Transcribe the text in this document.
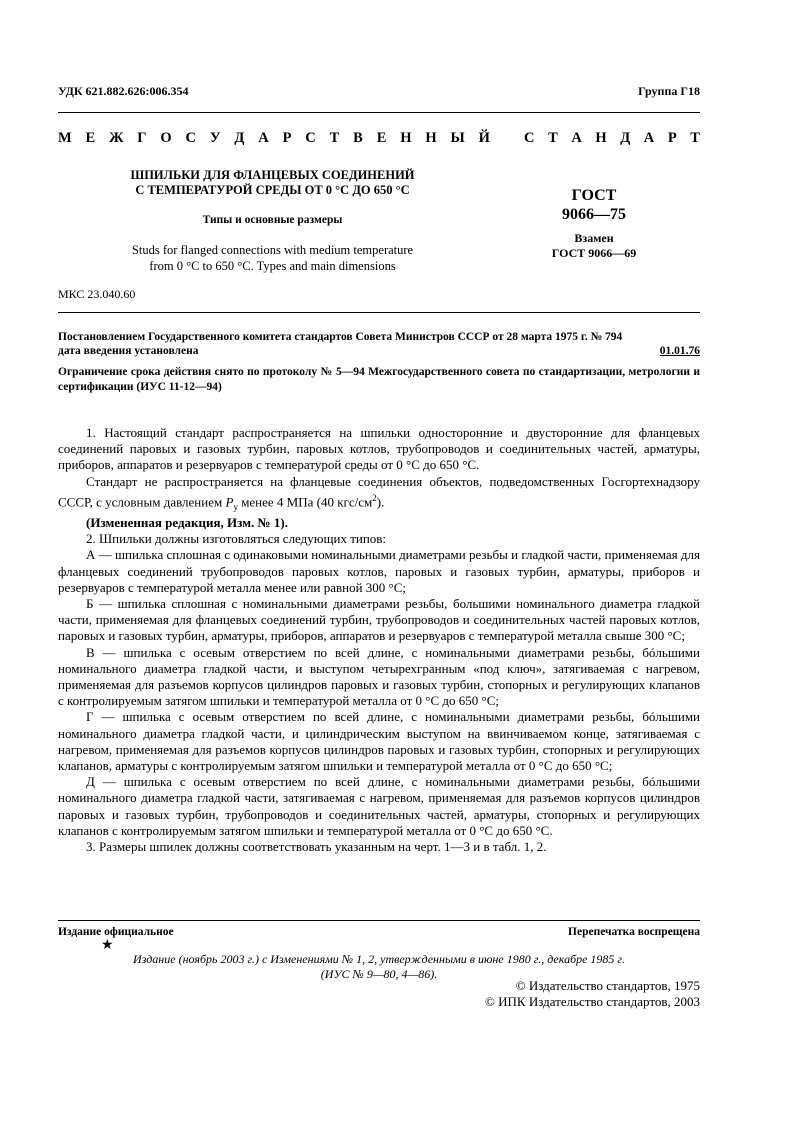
УДК 621.882.626:006.354	Группа Г18
М Е Ж Г О С У Д А Р С Т В Е Н Н Ы Й С Т А Н Д А Р Т
ШПИЛЬКИ ДЛЯ ФЛАНЦЕВЫХ СОЕДИНЕНИЙ
С ТЕМПЕРАТУРОЙ СРЕДЫ ОТ 0 °С ДО 650 °С
Типы и основные размеры
Studs for flanged connections with medium temperature
from 0 °C to 650 °C. Types and main dimensions
ГОСТ
9066—75
Взамен
ГОСТ 9066—69
МКС 23.040.60
Постановлением Государственного комитета стандартов Совета Министров СССР от 28 марта 1975 г. № 794
дата введения установлена	01.01.76
Ограничение срока действия снято по протоколу № 5—94 Межгосударственного совета по стандартизации, метрологии и сертификации (ИУС 11-12—94)

1. Настоящий стандарт распространяется на шпильки односторонние и двусторонние для фланцевых соединений паровых и газовых турбин, паровых котлов, трубопроводов и соединительных частей, арматуры, приборов, аппаратов и резервуаров с температурой среды от 0 °С до 650 °С.

Стандарт не распространяется на фланцевые соединения объектов, подведомственных Госгортехнадзору СССР, с условным давлением $P_у$ менее 4 МПа (40 кгс/$см^2$).

(Измененная редакция, Изм. № 1).

2. Шпильки должны изготовляться следующих типов:

А — шпилька сплошная с одинаковыми номинальными диаметрами резьбы и гладкой части, применяемая для фланцевых соединений трубопроводов паровых котлов, паровых и газовых турбин, арматуры, приборов и резервуаров с температурой металла менее или равной 300 °С;

Б — шпилька сплошная с номинальными диаметрами резьбы, большими номинального диаметра гладкой части, применяемая для фланцевых соединений турбин, трубопроводов и соединительных частей паровых котлов, паровых и газовых турбин, арматуры, приборов, аппаратов и резервуаров с температурой металла свыше 300 °С;

В — шпилька с осевым отверстием по всей длине, с номинальными диаметрами резьбы, бóльшими номинального диаметра гладкой части, и выступом четырехгранным «под ключ», затягиваемая с нагревом, применяемая для разъемов корпусов цилиндров паровых и газовых турбин, стопорных и регулирующих клапанов с контролируемым затягом шпильки и температурой металла от 0 °С до 650 °С;

Г — шпилька с осевым отверстием по всей длине, с номинальными диаметрами резьбы, бóльшими номинального диаметра гладкой части, и цилиндрическим выступом на ввинчиваемом конце, затягиваемая с нагревом, применяемая для разъемов корпусов цилиндров паровых и газовых турбин, стопорных и регулирующих клапанов, арматуры с контролируемым затягом шпильки и температурой металла от 0 °С до 650 °С;

Д — шпилька с осевым отверстием по всей длине, с номинальными диаметрами резьбы, бóльшими номинального диаметра гладкой части, затягиваемая с нагревом, применяемая для разъемов корпусов цилиндров паровых и газовых турбин, трубопроводов и соединительных частей, арматуры, стопорных и регулирующих клапанов с контролируемым затягом шпильки и температурой металла от 0 °С до 650 °С.

3. Размеры шпилек должны соответствовать указанным на черт. 1—3 и в табл. 1, 2.

Издание официальное	Перепечатка воспрещена
★
Издание (ноябрь 2003 г.) с Изменениями № 1, 2, утвержденными в июне 1980 г., декабре 1985 г.
(ИУС № 9—80, 4—86).
© Издательство стандартов, 1975
© ИПК Издательство стандартов, 2003
